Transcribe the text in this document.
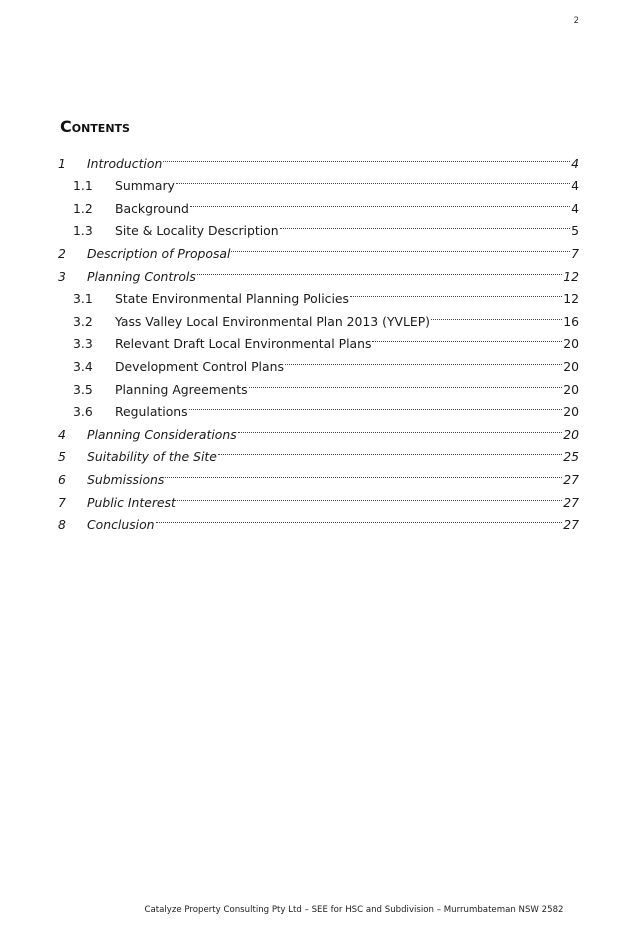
2
Contents
1	Introduction	4
1.1	Summary	4
1.2	Background	4
1.3	Site & Locality Description	5
2	Description of Proposal	7
3	Planning Controls	12
3.1	State Environmental Planning Policies	12
3.2	Yass Valley Local Environmental Plan 2013 (YVLEP)	16
3.3	Relevant Draft Local Environmental Plans	20
3.4	Development Control Plans	20
3.5	Planning Agreements	20
3.6	Regulations	20
4	Planning Considerations	20
5	Suitability of the Site	25
6	Submissions	27
7	Public Interest	27
8	Conclusion	27
Catalyze Property Consulting Pty Ltd – SEE for HSC and Subdivision – Murrumbateman NSW 2582
